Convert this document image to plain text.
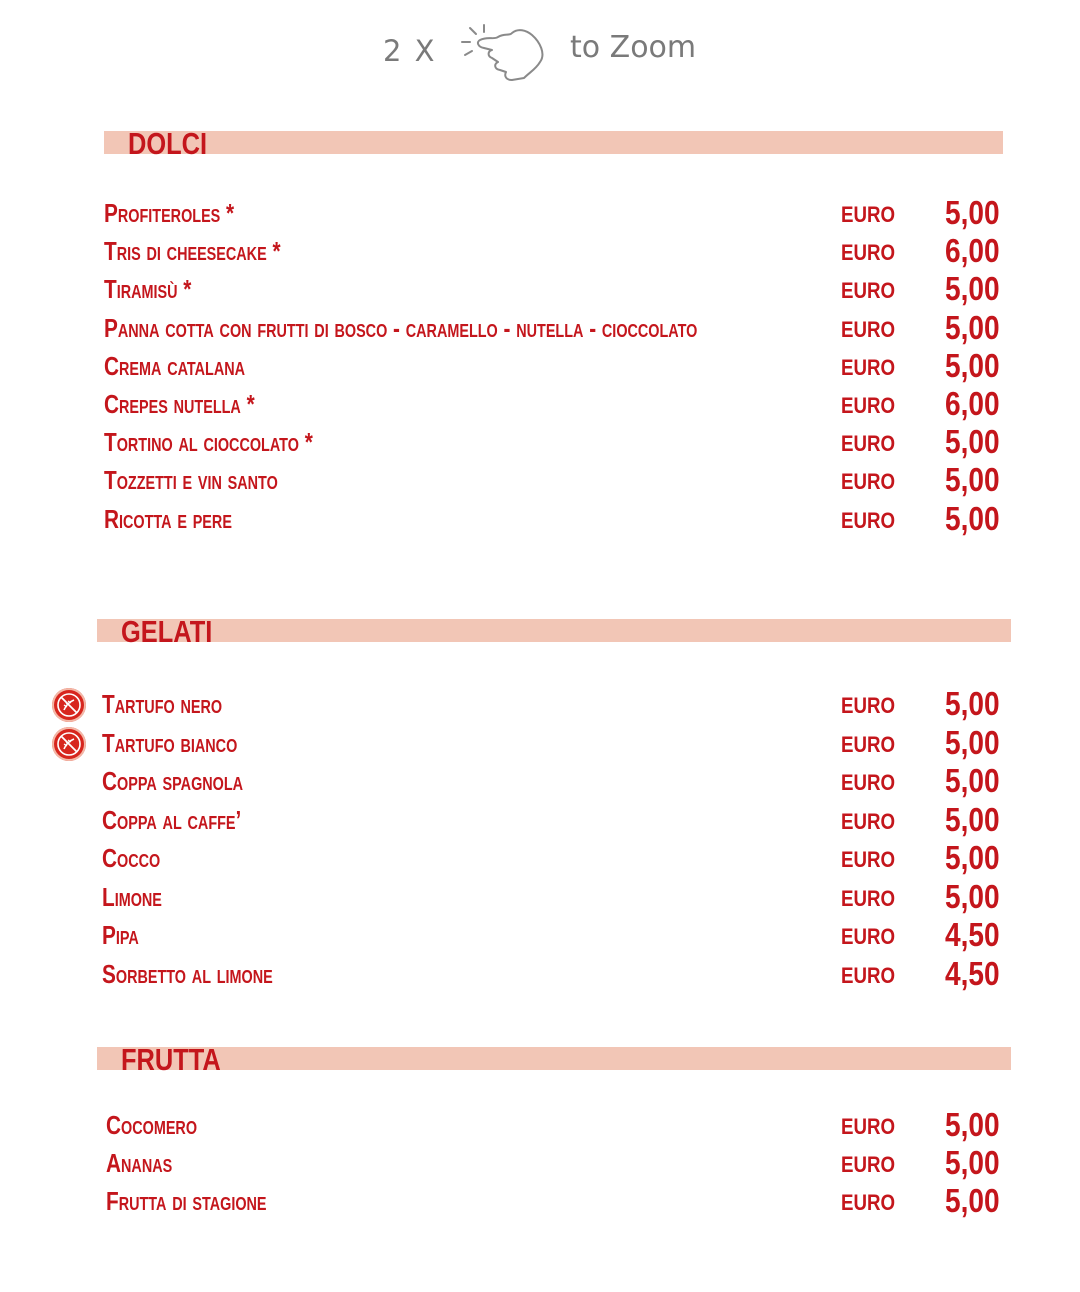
2 X	to Zoom
DOLCI
Profiteroles *	EURO 5,00
Tris di cheesecake *	EURO 6,00
Tiramisù *	EURO 5,00
Panna cotta con frutti di bosco - caramello - nutella - cioccolato	EURO 5,00
Crema catalana	EURO 5,00
Crepes nutella *	EURO 6,00
Tortino al cioccolato *	EURO 5,00
Tozzetti e vin santo	EURO 5,00
Ricotta e pere	EURO 5,00
GELATI
Tartufo nero	EURO 5,00
Tartufo bianco	EURO 5,00
Coppa spagnola	EURO 5,00
Coppa al caffe’	EURO 5,00
Cocco	EURO 5,00
Limone	EURO 5,00
Pipa	EURO 4,50
Sorbetto al limone	EURO 4,50
FRUTTA
Cocomero	EURO 5,00
Ananas	EURO 5,00
Frutta di stagione	EURO 5,00
